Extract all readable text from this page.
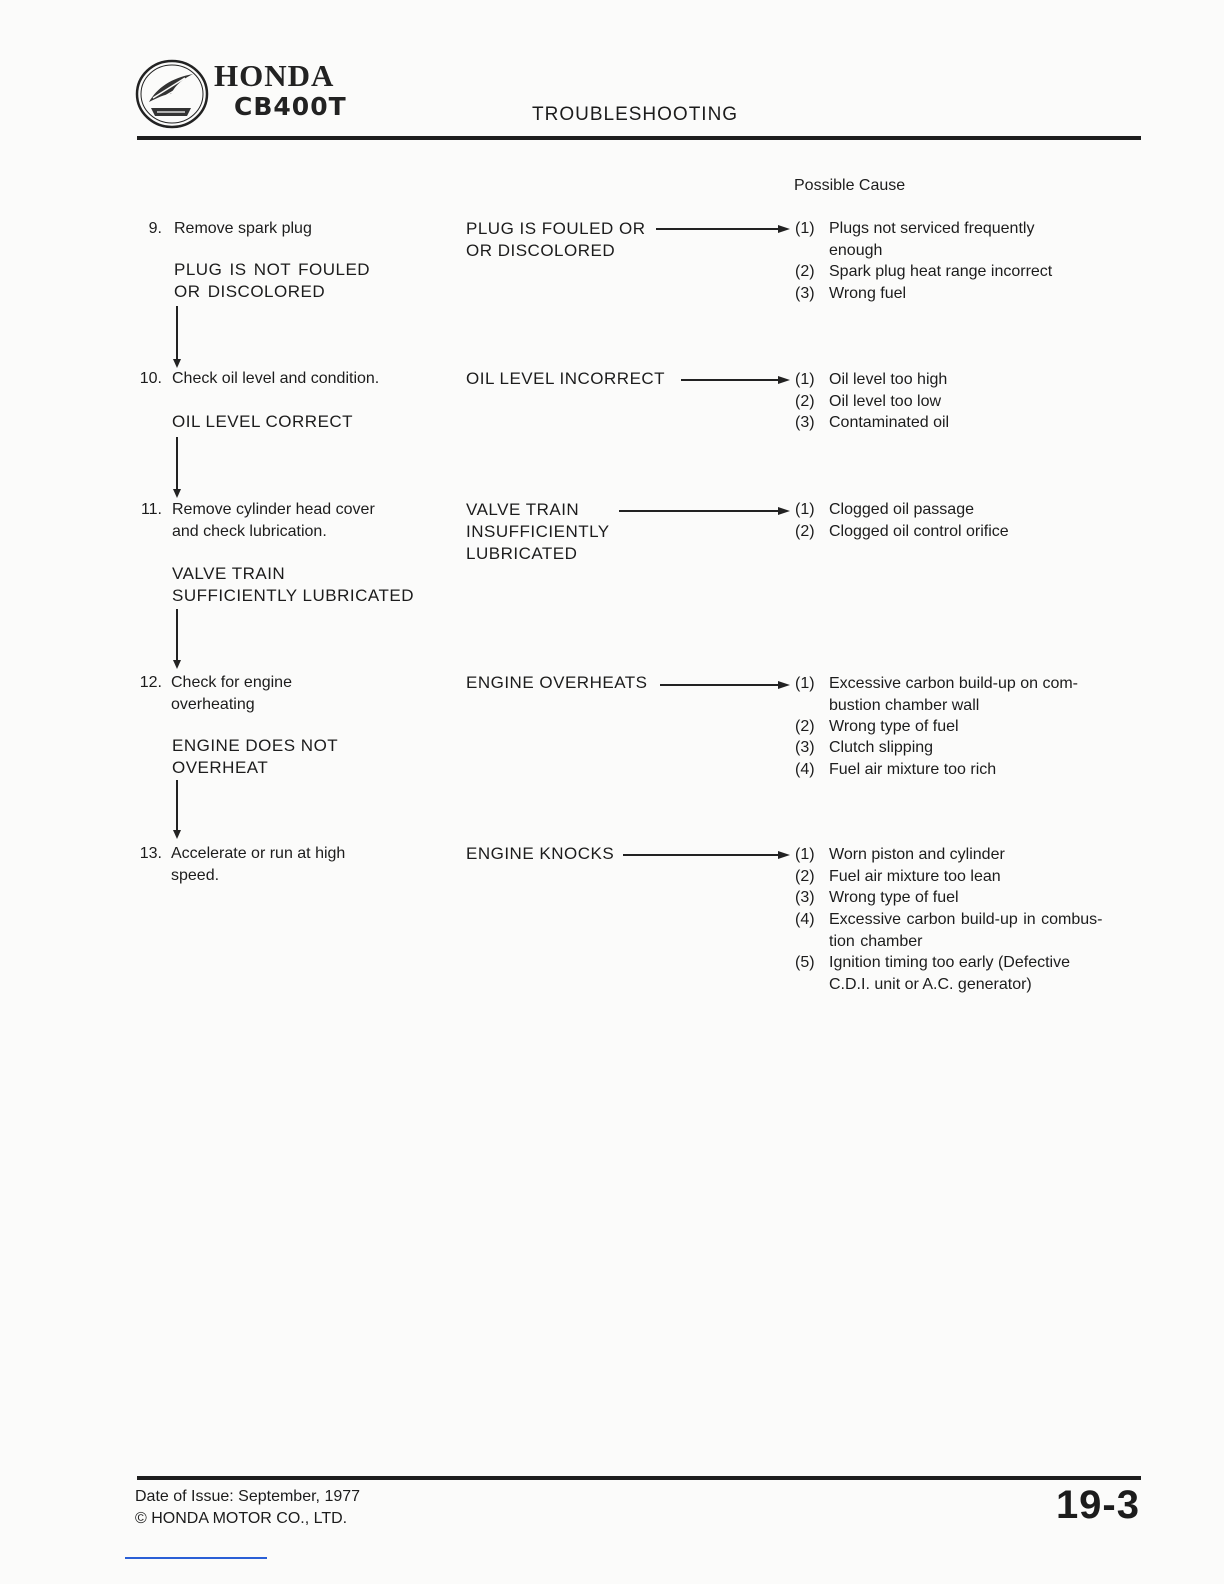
HONDA
CB400T	TROUBLESHOOTING
Possible Cause
9. Remove spark plug
PLUG IS NOT FOULED
OR DISCOLORED
PLUG IS FOULED OR
OR DISCOLORED
(1) Plugs not serviced frequently
enough
(2) Spark plug heat range incorrect
(3) Wrong fuel
10. Check oil level and condition.
OIL LEVEL CORRECT
OIL LEVEL INCORRECT	(1) Oil level too high
(2) Oil level too low
(3) Contaminated oil
11. Remove cylinder head cover
and check lubrication.
VALVE TRAIN
SUFFICIENTLY LUBRICATED
VALVE TRAIN
INSUFFICIENTLY
LUBRICATED
(1) Clogged oil passage
(2) Clogged oil control orifice
12. Check for engine
overheating
ENGINE DOES NOT
OVERHEAT
ENGINE OVERHEATS	(1) Excessive carbon build-up on com-
bustion chamber wall
(2) Wrong type of fuel
(3) Clutch slipping
(4) Fuel air mixture too rich
13. Accelerate or run at high
speed.
ENGINE KNOCKS	(1) Worn piston and cylinder
(2) Fuel air mixture too lean
(3) Wrong type of fuel
(4) Excessive carbon build-up in combus-
tion chamber
(5) Ignition timing too early (Defective
C.D.I. unit or A.C. generator)
Date of Issue: September, 1977
© HONDA MOTOR CO., LTD.	19-3
